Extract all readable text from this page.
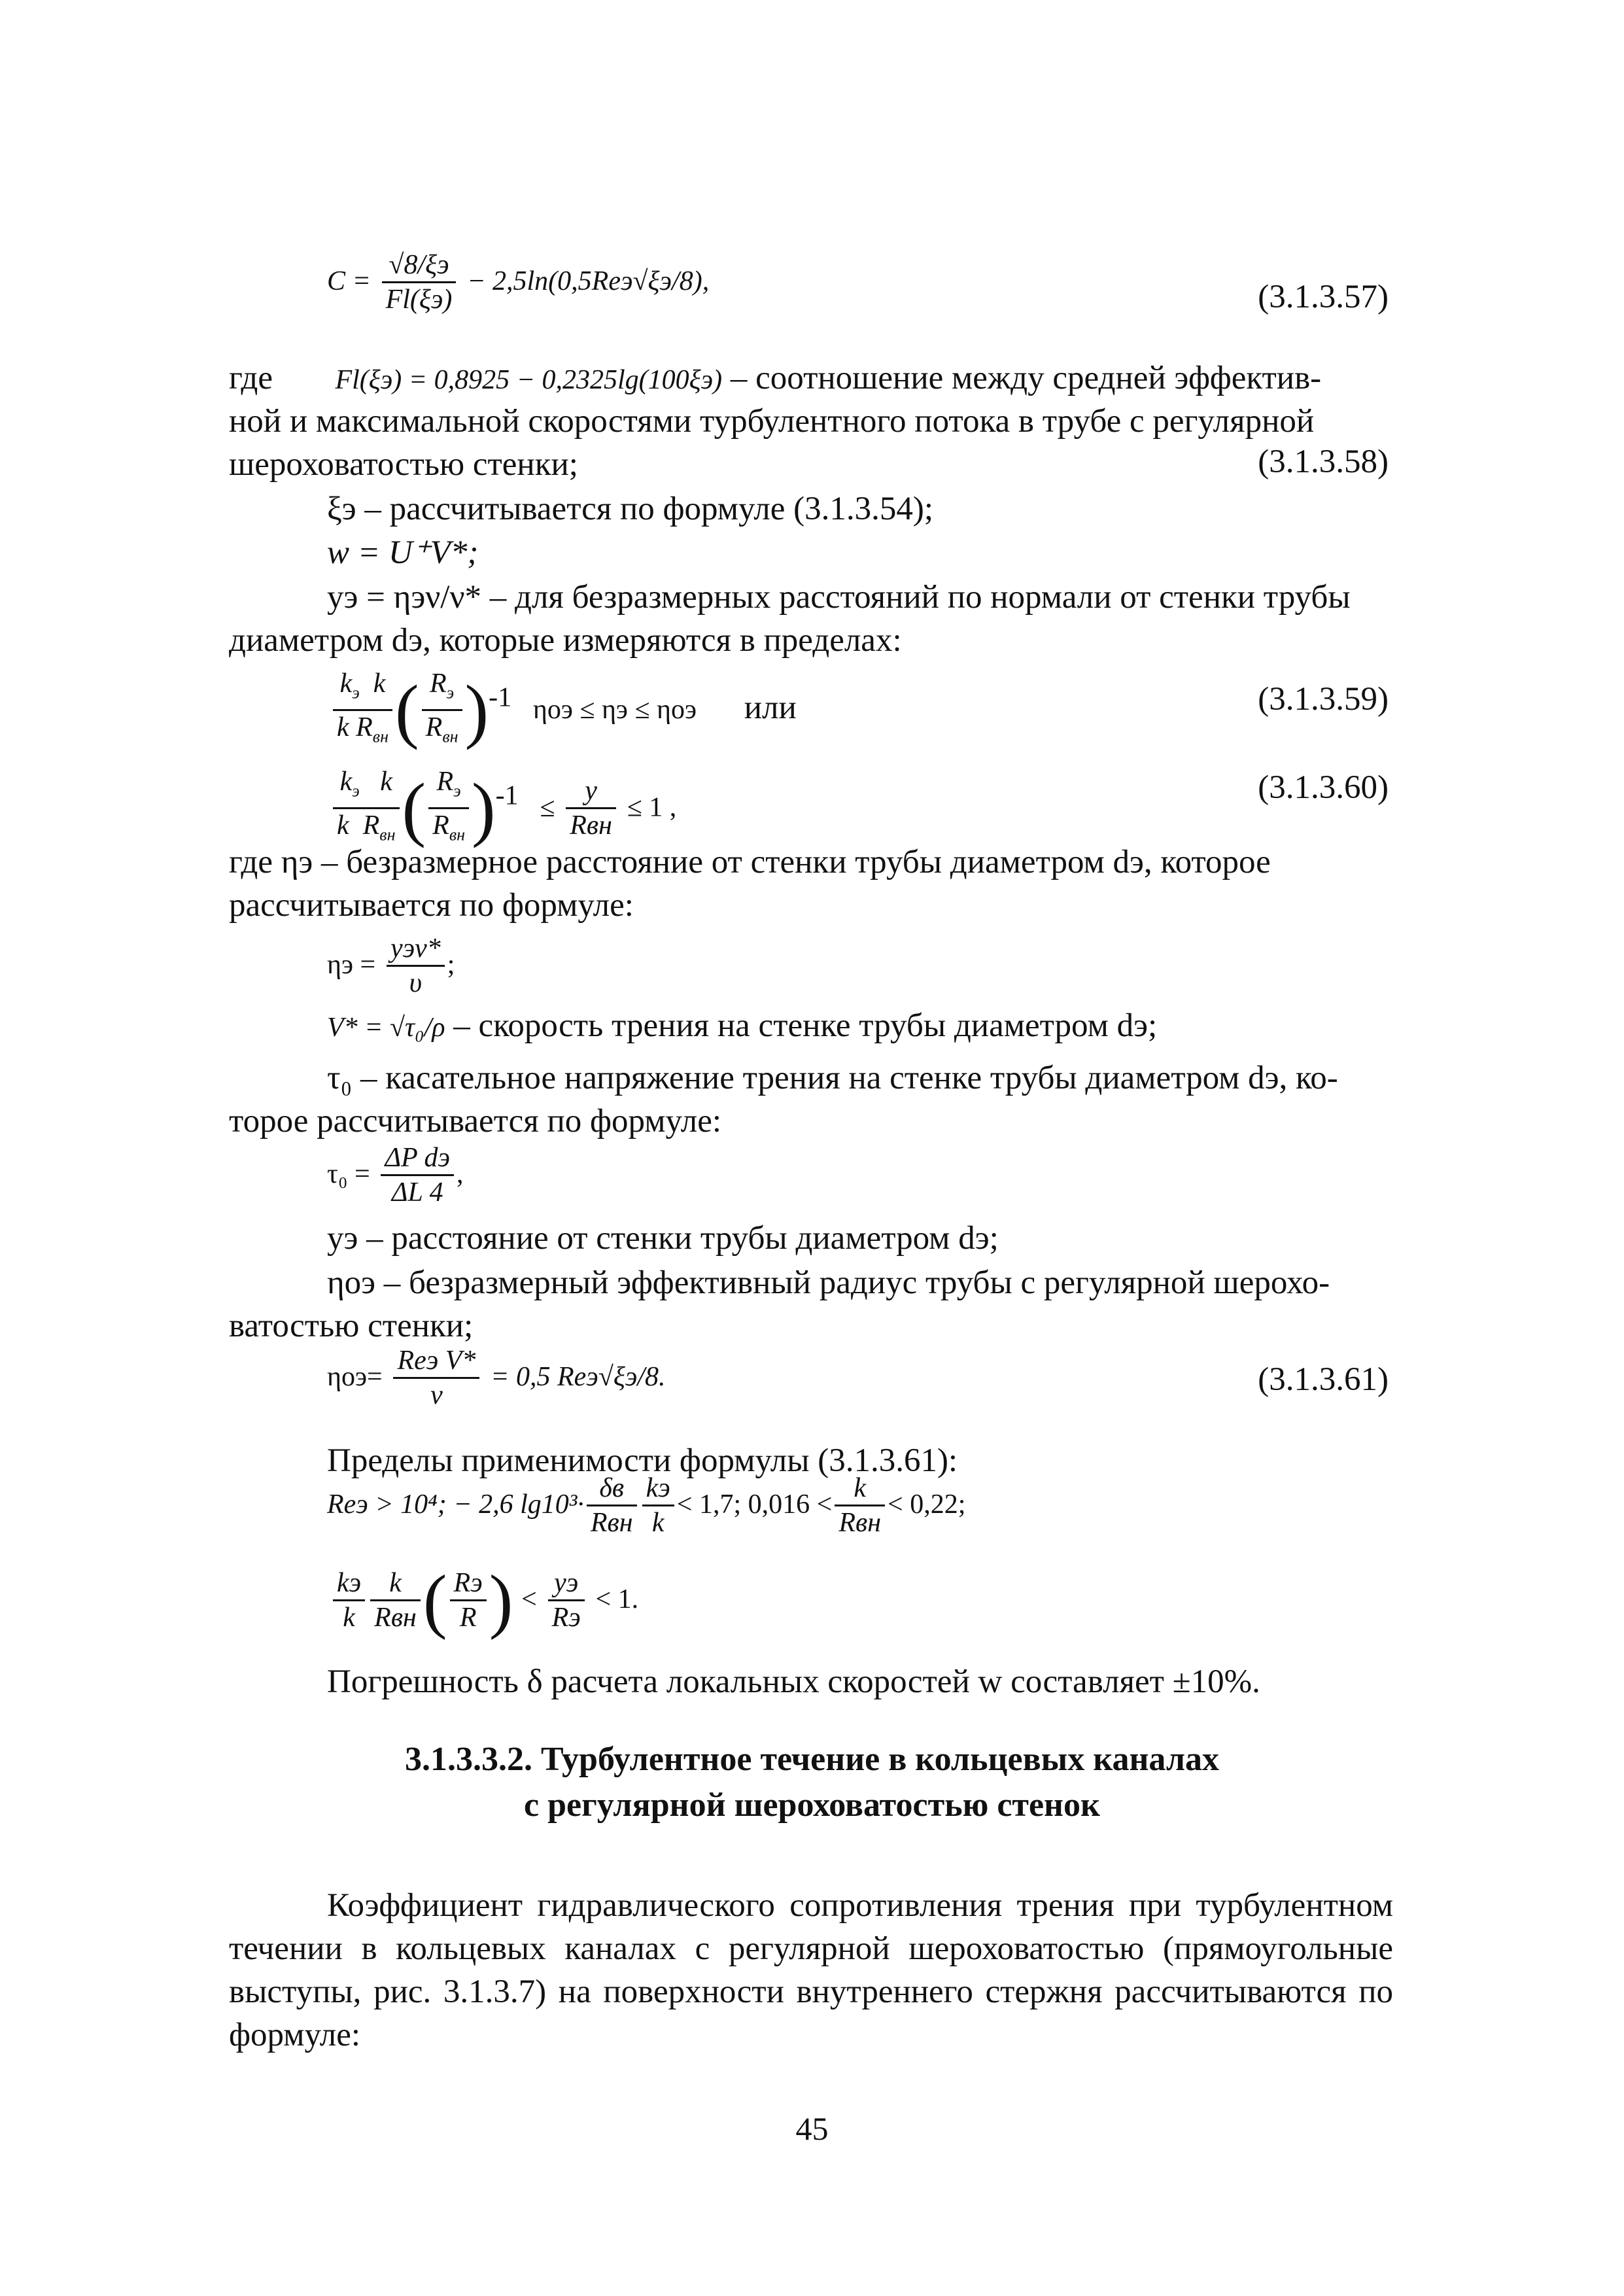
$C = \frac{√8/\xi э}{Fl(\xi э)} - 2,5\ln(0,5Reэ√\xi э/8)$,	(3.1.3.57)
где Fl(ξэ) = 0,8925 − 0,2325lg(100ξэ) – соотношение между средней эффектив-
ной и максимальной скоростями турбулентного потока в трубе с регулярной
шероховатостью стенки;	(3.1.3.58)
ξэ – рассчитывается по формуле (3.1.3.54);
w = U⁺V*;
yэ = ηэν/ν* – для безразмерных расстояний по нормали от стенки трубы
диаметром dэ, которые измеряются в пределах:
$\frac{k_э k}{k R_{вн}}$ ( $\frac{R_э}{R_{вн}} )^{-1}$ ηoэ ≤ ηэ ≤ ηoэ или	(3.1.3.59)
$\frac{k_э k}{k R_{вн}}$ ( $\frac{R_э}{R_{вн}} )^{-1} \le \frac{y}{\text{Rвн}} \le 1$ ,
(3.1.3.60)
где ηэ – безразмерное расстояние от стенки трубы диаметром dэ, которое
рассчитывается по формуле:
$\eta э = \frac{\text{yэν*}}{\upsilon}$ ;
V* = √τ₀/ρ – скорость трения на стенке трубы диаметром dэ;
τ₀ – касательное напряжение трения на стенке трубы диаметром dэ, ко-
торое рассчитывается по формуле:
$\tau_0 = \frac{\text{ΔP dэ}}{\Delta L 4}$ ,
yэ – расстояние от стенки трубы диаметром dэ;
ηoэ – безразмерный эффективный радиус трубы с регулярной шерохо-
ватостью стенки;
$\eta oэ= \frac{\text{Reэ V*}}{\nu} = 0,5$ Reэ√ξэ/8.	(3.1.3.61)
Пределы применимости формулы (3.1.3.61):
Reэ > 10⁴; − 2,6 $\lg 10^3\cdot \frac{\delta в}{\text{Rвн}} \frac{kэ}{k} < 1,7$; $0,016 < \frac{k}{\text{Rвн}} < 0,22$;
$\frac{kэ}{k} \frac{k}{\text{Rвн}}$ ( $\frac{Rэ}{R}$ ) < $\frac{yэ}{Rэ} < 1$.
Погрешность δ расчета локальных скоростей w составляет ±10%.
3.1.3.3.2. Турбулентное течение в кольцевых каналах
с регулярной шероховатостью стенок
Коэффициент гидравлического сопротивления трения при турбулентном течении в кольцевых каналах с регулярной шероховатостью (прямоугольные выступы, рис. 3.1.3.7) на поверхности внутреннего стержня рассчитываются по формуле:
45
